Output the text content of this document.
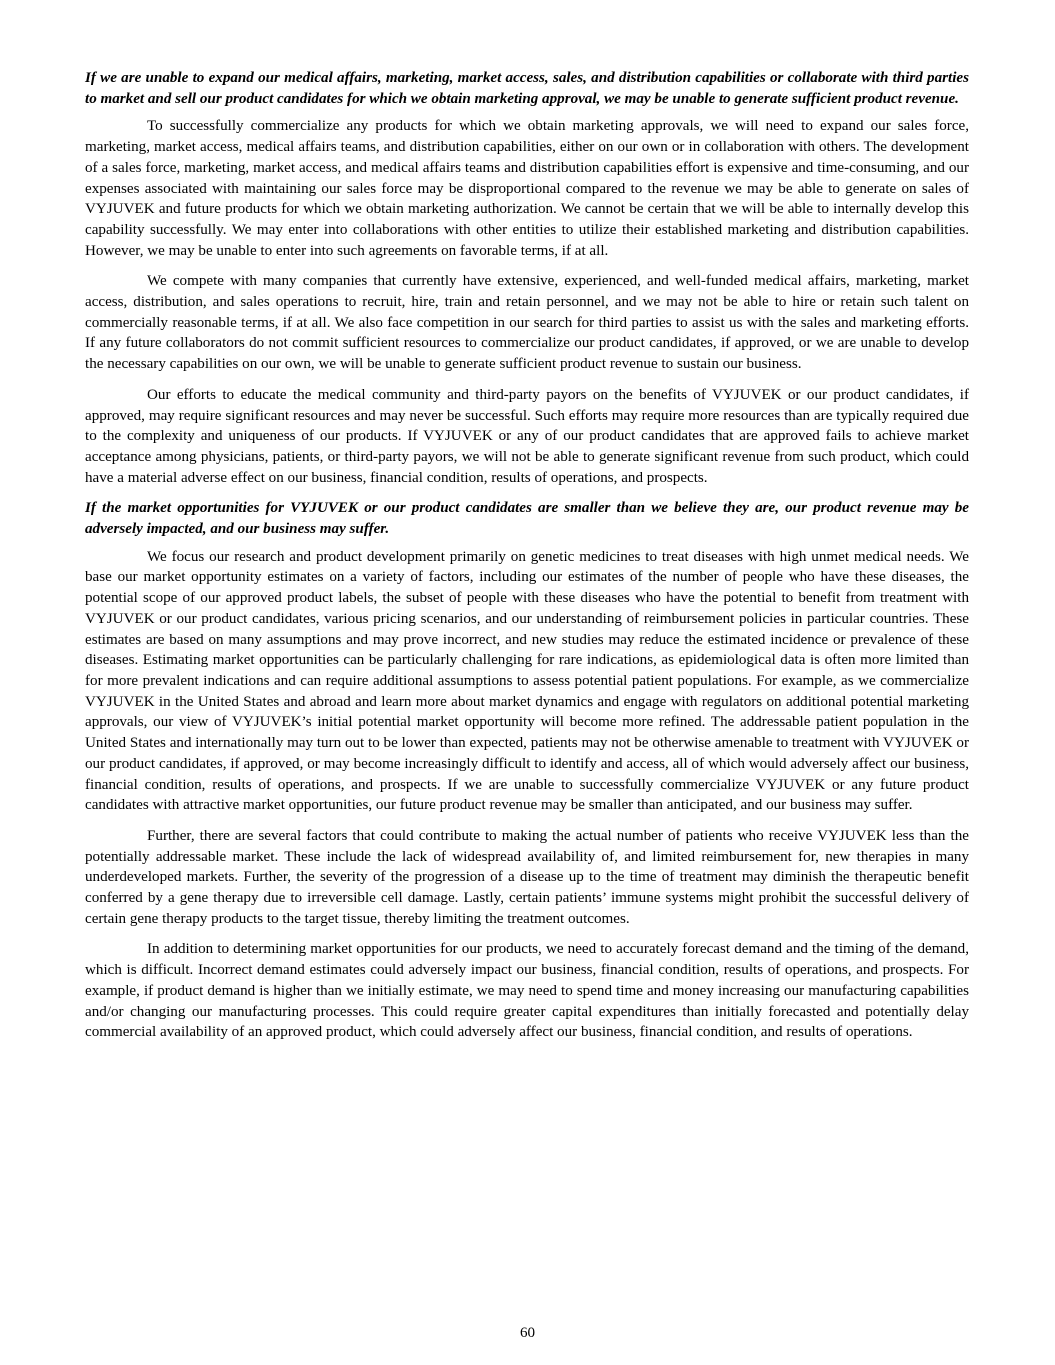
If we are unable to expand our medical affairs, marketing, market access, sales, and distribution capabilities or collaborate with third parties to market and sell our product candidates for which we obtain marketing approval, we may be unable to generate sufficient product revenue.

To successfully commercialize any products for which we obtain marketing approvals, we will need to expand our sales force, marketing, market access, medical affairs teams, and distribution capabilities, either on our own or in collaboration with others. The development of a sales force, marketing, market access, and medical affairs teams and distribution capabilities effort is expensive and time-consuming, and our expenses associated with maintaining our sales force may be disproportional compared to the revenue we may be able to generate on sales of VYJUVEK and future products for which we obtain marketing authorization. We cannot be certain that we will be able to internally develop this capability successfully. We may enter into collaborations with other entities to utilize their established marketing and distribution capabilities. However, we may be unable to enter into such agreements on favorable terms, if at all.

We compete with many companies that currently have extensive, experienced, and well-funded medical affairs, marketing, market access, distribution, and sales operations to recruit, hire, train and retain personnel, and we may not be able to hire or retain such talent on commercially reasonable terms, if at all. We also face competition in our search for third parties to assist us with the sales and marketing efforts. If any future collaborators do not commit sufficient resources to commercialize our product candidates, if approved, or we are unable to develop the necessary capabilities on our own, we will be unable to generate sufficient product revenue to sustain our business.

Our efforts to educate the medical community and third-party payors on the benefits of VYJUVEK or our product candidates, if approved, may require significant resources and may never be successful. Such efforts may require more resources than are typically required due to the complexity and uniqueness of our products. If VYJUVEK or any of our product candidates that are approved fails to achieve market acceptance among physicians, patients, or third-party payors, we will not be able to generate significant revenue from such product, which could have a material adverse effect on our business, financial condition, results of operations, and prospects.

If the market opportunities for VYJUVEK or our product candidates are smaller than we believe they are, our product revenue may be adversely impacted, and our business may suffer.

We focus our research and product development primarily on genetic medicines to treat diseases with high unmet medical needs. We base our market opportunity estimates on a variety of factors, including our estimates of the number of people who have these diseases, the potential scope of our approved product labels, the subset of people with these diseases who have the potential to benefit from treatment with VYJUVEK or our product candidates, various pricing scenarios, and our understanding of reimbursement policies in particular countries. These estimates are based on many assumptions and may prove incorrect, and new studies may reduce the estimated incidence or prevalence of these diseases. Estimating market opportunities can be particularly challenging for rare indications, as epidemiological data is often more limited than for more prevalent indications and can require additional assumptions to assess potential patient populations. For example, as we commercialize VYJUVEK in the United States and abroad and learn more about market dynamics and engage with regulators on additional potential marketing approvals, our view of VYJUVEK’s initial potential market opportunity will become more refined. The addressable patient population in the United States and internationally may turn out to be lower than expected, patients may not be otherwise amenable to treatment with VYJUVEK or our product candidates, if approved, or may become increasingly difficult to identify and access, all of which would adversely affect our business, financial condition, results of operations, and prospects. If we are unable to successfully commercialize VYJUVEK or any future product candidates with attractive market opportunities, our future product revenue may be smaller than anticipated, and our business may suffer.

Further, there are several factors that could contribute to making the actual number of patients who receive VYJUVEK less than the potentially addressable market. These include the lack of widespread availability of, and limited reimbursement for, new therapies in many underdeveloped markets. Further, the severity of the progression of a disease up to the time of treatment may diminish the therapeutic benefit conferred by a gene therapy due to irreversible cell damage. Lastly, certain patients’ immune systems might prohibit the successful delivery of certain gene therapy products to the target tissue, thereby limiting the treatment outcomes.

In addition to determining market opportunities for our products, we need to accurately forecast demand and the timing of the demand, which is difficult. Incorrect demand estimates could adversely impact our business, financial condition, results of operations, and prospects. For example, if product demand is higher than we initially estimate, we may need to spend time and money increasing our manufacturing capabilities and/or changing our manufacturing processes. This could require greater capital expenditures than initially forecasted and potentially delay commercial availability of an approved product, which could adversely affect our business, financial condition, and results of operations.

60
